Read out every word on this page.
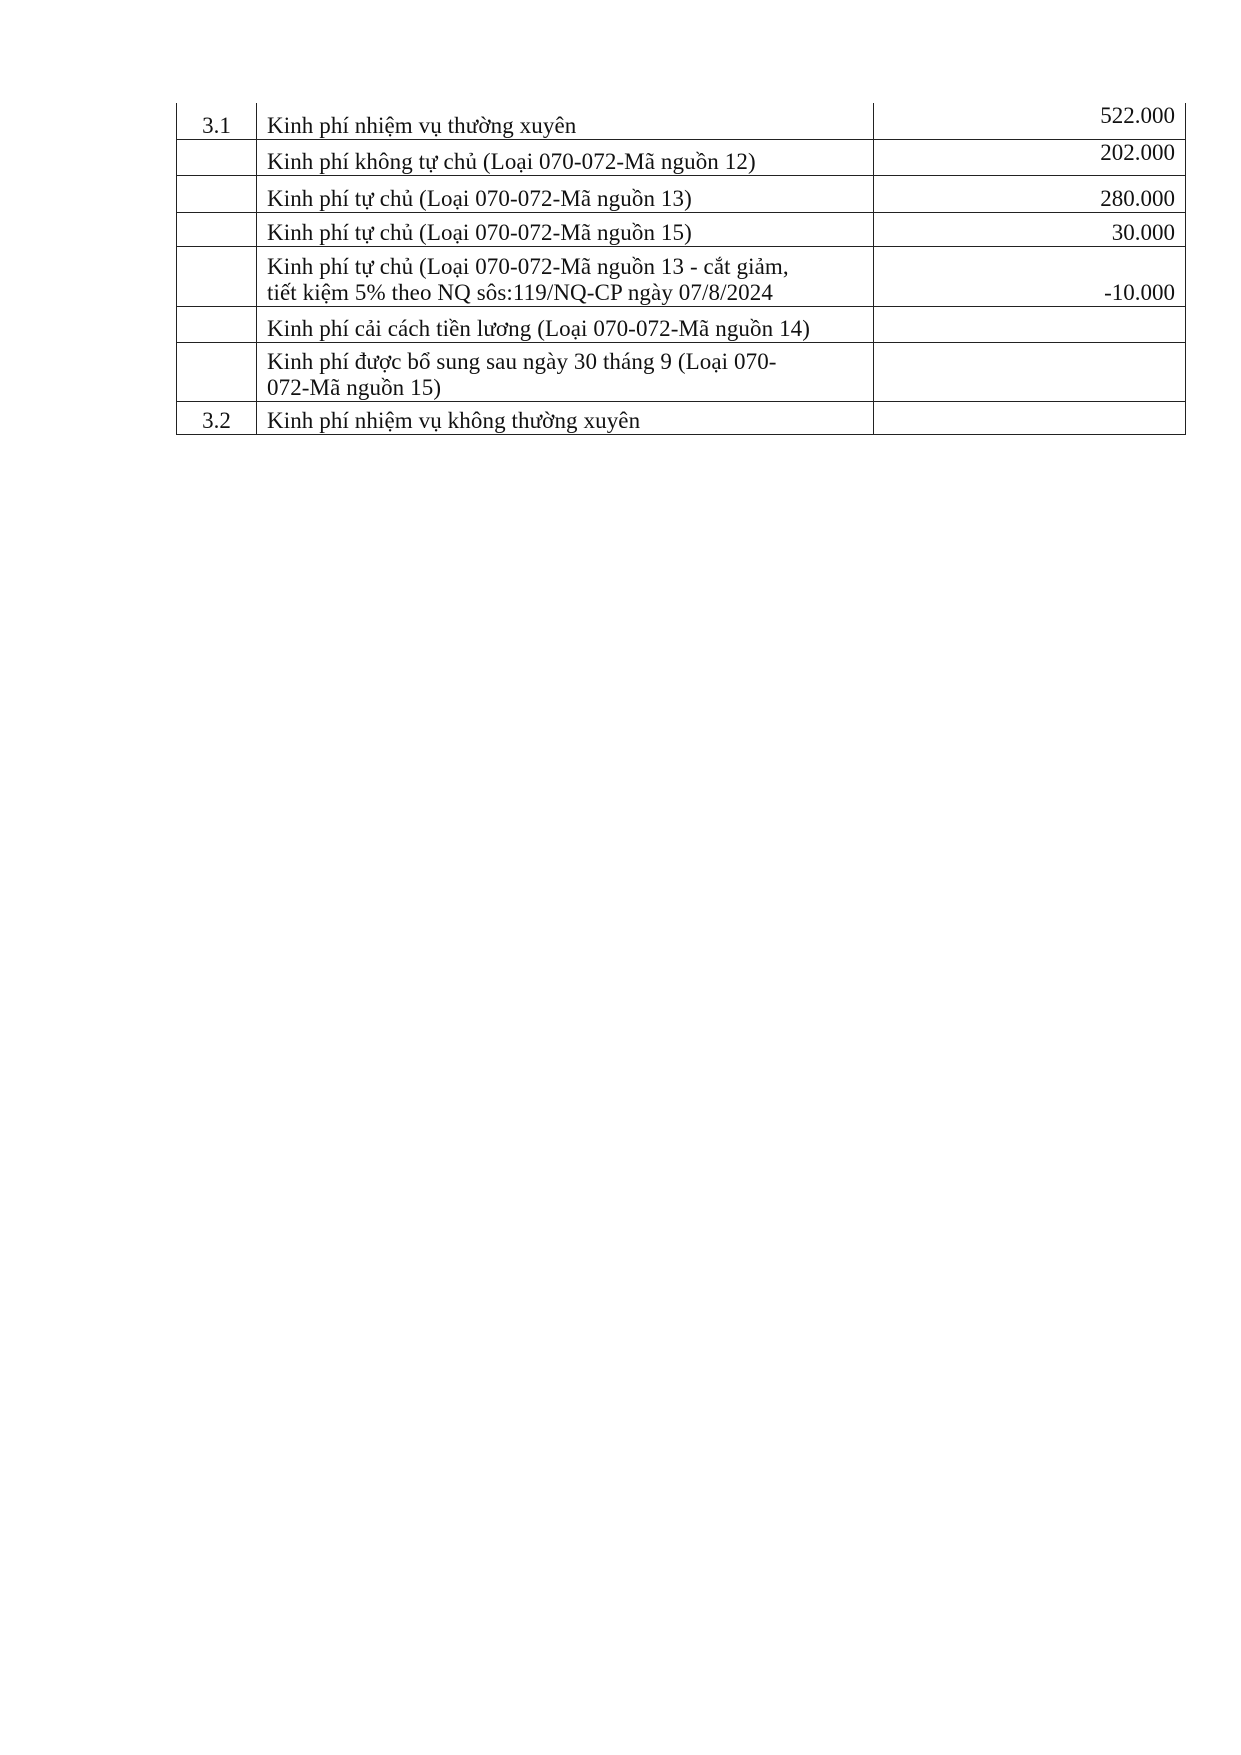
3.1	Kinh phí nhiệm vụ thường xuyên	522.000

	Kinh phí không tự chủ (Loại 070-072-Mã nguồn 12)	202.000

	Kinh phí tự chủ (Loại 070-072-Mã nguồn 13)	280.000

	Kinh phí tự chủ (Loại 070-072-Mã nguồn 15)	30.000

	Kinh phí tự chủ (Loại 070-072-Mã nguồn 13 - cắt giảm,
tiết kiệm 5% theo NQ sôs:119/NQ-CP ngày 07/8/2024	-10.000

	Kinh phí cải cách tiền lương (Loại 070-072-Mã nguồn 14)	

	Kinh phí được bổ sung sau ngày 30 tháng 9 (Loại 070-
072-Mã nguồn 15)	

3.2	Kinh phí nhiệm vụ không thường xuyên	
